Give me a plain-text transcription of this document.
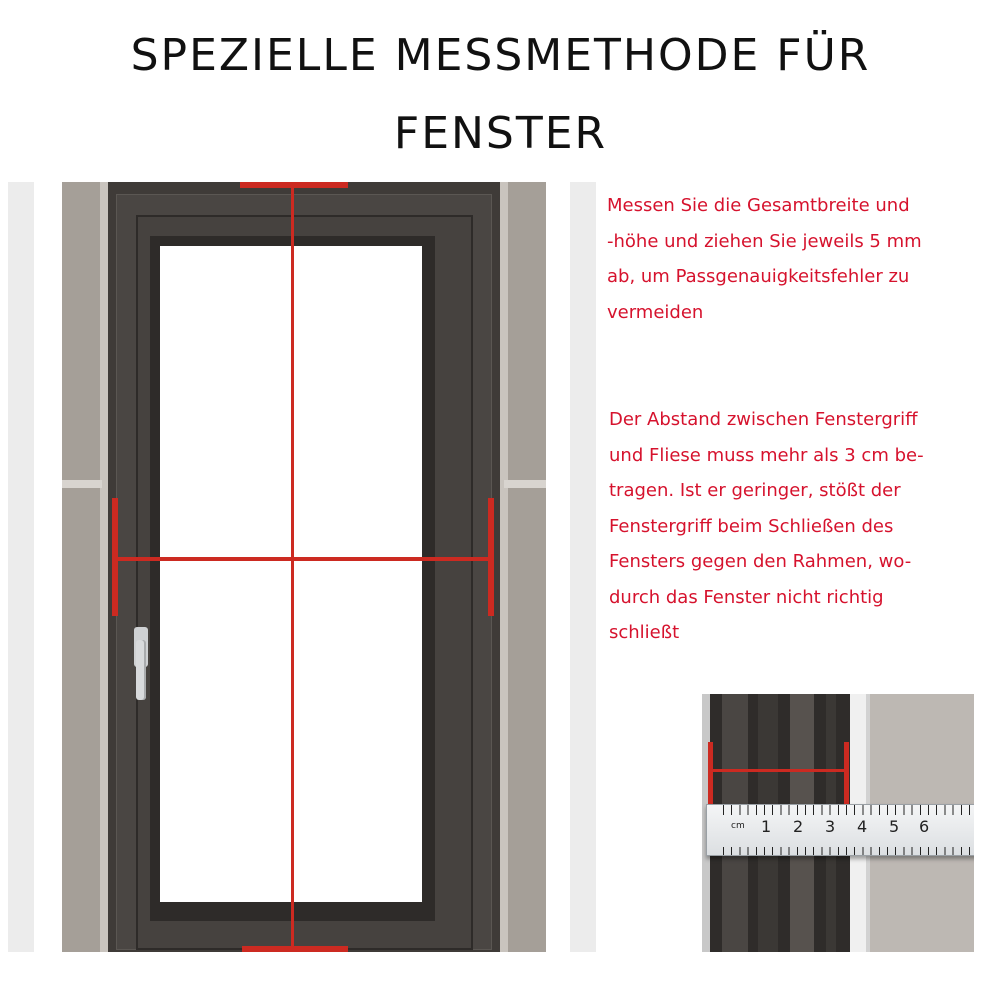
SPEZIELLE MESSMETHODE FÜR
FENSTER

Messen Sie die Gesamtbreite und
-höhe und ziehen Sie jeweils 5 mm
ab, um Passgenauigkeitsfehler zu
vermeiden

Der Abstand zwischen Fenstergriff
und Fliese muss mehr als 3 cm be-
tragen. Ist er geringer, stößt der
Fenstergriff beim Schließen des
Fensters gegen den Rahmen, wo-
durch das Fenster nicht richtig
schließt

cm 1 2 3 4 5 6
